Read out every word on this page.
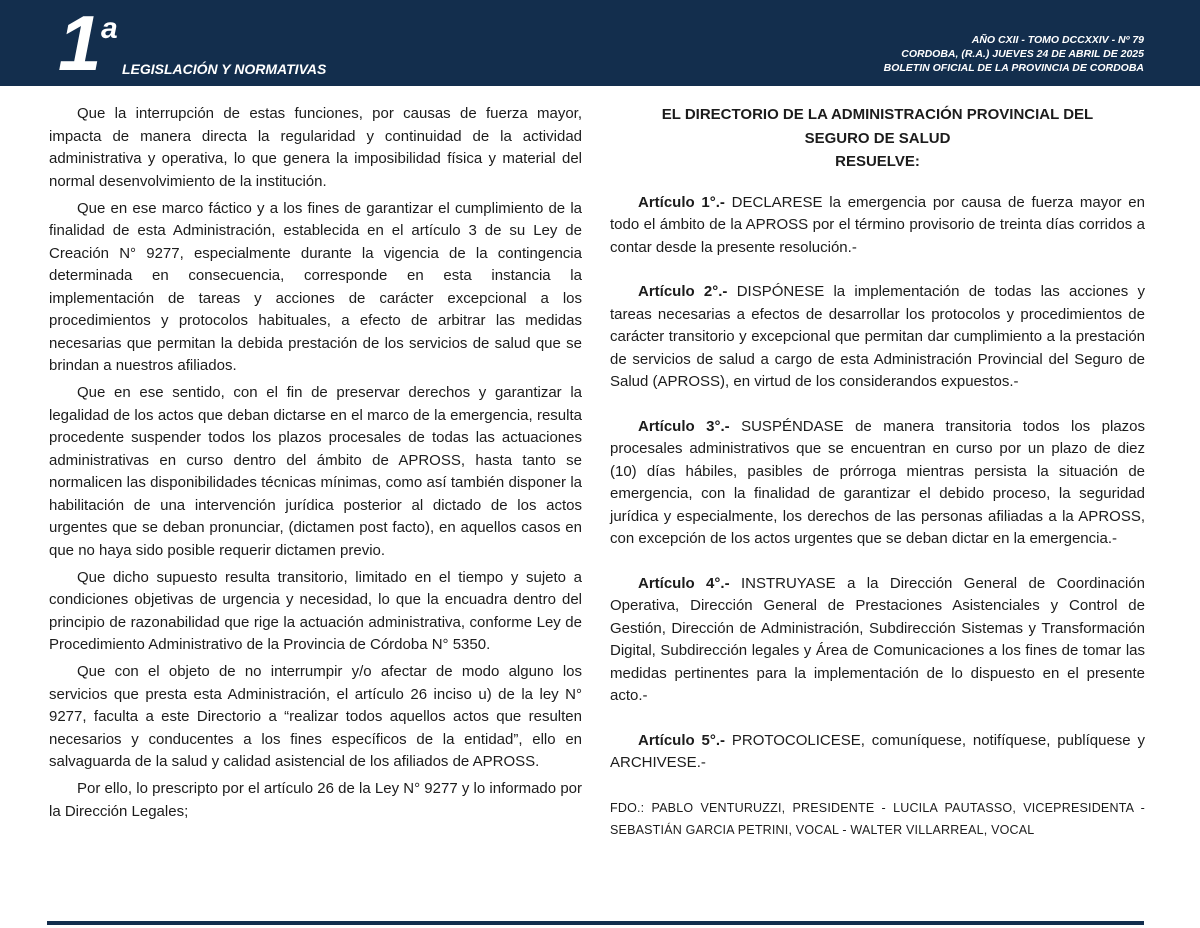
1 a
LEGISLACIÓN Y NORMATIVAS
AÑO CXII - TOMO DCCXXIV - Nº 79
CORDOBA, (R.A.) JUEVES 24 DE ABRIL DE 2025
BOLETIN OFICIAL DE LA PROVINCIA DE CORDOBA

Que la interrupción de estas funciones, por causas de fuerza mayor, impacta de manera directa la regularidad y continuidad de la actividad administrativa y operativa, lo que genera la imposibilidad física y material del normal desenvolvimiento de la institución.

Que en ese marco fáctico y a los fines de garantizar el cumplimiento de la finalidad de esta Administración, establecida en el artículo 3 de su Ley de Creación N° 9277, especialmente durante la vigencia de la contingencia determinada en consecuencia, corresponde en esta instancia la implementación de tareas y acciones de carácter excepcional a los procedimientos y protocolos habituales, a efecto de arbitrar las medidas necesarias que permitan la debida prestación de los servicios de salud que se brindan a nuestros afiliados.

Que en ese sentido, con el fin de preservar derechos y garantizar la legalidad de los actos que deban dictarse en el marco de la emergencia, resulta procedente suspender todos los plazos procesales de todas las actuaciones administrativas en curso dentro del ámbito de APROSS, hasta tanto se normalicen las disponibilidades técnicas mínimas, como así también disponer la habilitación de una intervención jurídica posterior al dictado de los actos urgentes que se deban pronunciar, (dictamen post facto), en aquellos casos en que no haya sido posible requerir dictamen previo.

Que dicho supuesto resulta transitorio, limitado en el tiempo y sujeto a condiciones objetivas de urgencia y necesidad, lo que la encuadra dentro del principio de razonabilidad que rige la actuación administrativa, conforme Ley de Procedimiento Administrativo de la Provincia de Córdoba N° 5350.

Que con el objeto de no interrumpir y/o afectar de modo alguno los servicios que presta esta Administración, el artículo 26 inciso u) de la ley N° 9277, faculta a este Directorio a “realizar todos aquellos actos que resulten necesarios y conducentes a los fines específicos de la entidad”, ello en salvaguarda de la salud y calidad asistencial de los afiliados de APROSS.

Por ello, lo prescripto por el artículo 26 de la Ley N° 9277 y lo informado por la Dirección Legales;

EL DIRECTORIO DE LA ADMINISTRACIÓN PROVINCIAL DEL
SEGURO DE SALUD
RESUELVE:

Artículo 1°.- DECLARESE la emergencia por causa de fuerza mayor en todo el ámbito de la APROSS por el término provisorio de treinta días corridos a contar desde la presente resolución.-

Artículo 2°.- DISPÓNESE la implementación de todas las acciones y tareas necesarias a efectos de desarrollar los protocolos y procedimientos de carácter transitorio y excepcional que permitan dar cumplimiento a la prestación de servicios de salud a cargo de esta Administración Provincial del Seguro de Salud (APROSS), en virtud de los considerandos expuestos.-

Artículo 3°.- SUSPÉNDASE de manera transitoria todos los plazos procesales administrativos que se encuentran en curso por un plazo de diez (10) días hábiles, pasibles de prórroga mientras persista la situación de emergencia, con la finalidad de garantizar el debido proceso, la seguridad jurídica y especialmente, los derechos de las personas afiliadas a la APROSS, con excepción de los actos urgentes que se deban dictar en la emergencia.-

Artículo 4°.- INSTRUYASE a la Dirección General de Coordinación Operativa, Dirección General de Prestaciones Asistenciales y Control de Gestión, Dirección de Administración, Subdirección Sistemas y Transformación Digital, Subdirección legales y Área de Comunicaciones a los fines de tomar las medidas pertinentes para la implementación de lo dispuesto en el presente acto.-

Artículo 5°.- PROTOCOLICESE, comuníquese, notifíquese, publíquese y ARCHIVESE.-

FDO.: PABLO VENTURUZZI, PRESIDENTE - LUCILA PAUTASSO, VICEPRESIDENTA - SEBASTIÁN GARCIA PETRINI, VOCAL - WALTER VILLARREAL, VOCAL
